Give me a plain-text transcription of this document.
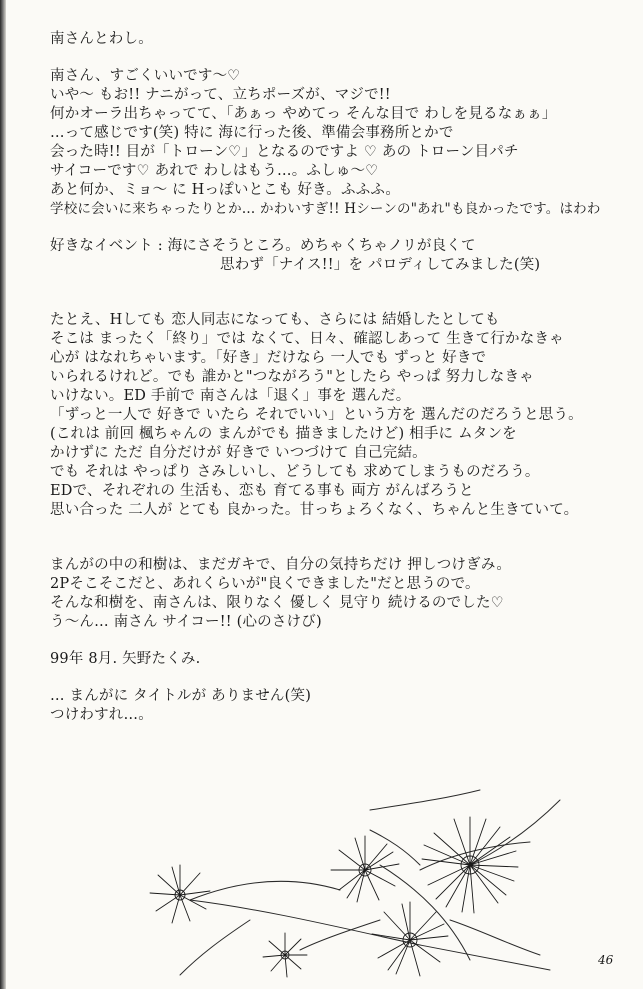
南さんとわし。
南さん、すごくいいです〜♡
いや〜 もお!! ナニがって、立ちポーズが、マジで!!
何かオーラ出ちゃってて、「あぁっ やめてっ そんな目で わしを見るなぁぁ」
…って感じです(笑) 特に 海に行った後、準備会事務所とかで
会った時!! 目が「トローン♡」となるのですよ ♡ あの トローン目パチ
サイコーです♡ あれで わしはもう…。ふしゅ〜♡
あと何か、ミョ〜 に Hっぽいとこも 好き。ふふふ。
学校に会いに来ちゃったりとか… かわいすぎ!! Hシーンの"あれ"も良かったです。はわわ
好きなイベント : 海にさそうところ。めちゃくちゃノリが良くて
思わず「ナイス!!」を パロディしてみました(笑)
たとえ、Hしても 恋人同志になっても、さらには 結婚したとしても
そこは まったく「終り」では なくて、日々、確認しあって 生きて行かなきゃ
心が はなれちゃいます。「好き」だけなら 一人でも ずっと 好きで
いられるけれど。でも 誰かと"つながろう"としたら やっぱ 努力しなきゃ
いけない。ED 手前で 南さんは「退く」事を 選んだ。
「ずっと一人で 好きで いたら それでいい」という方を 選んだのだろうと思う。
(これは 前回 楓ちゃんの まんがでも 描きましたけど) 相手に ムタンを
かけずに ただ 自分だけが 好きで いつづけて 自己完結。
でも それは やっぱり さみしいし、どうしても 求めてしまうものだろう。
EDで、それぞれの 生活も、恋も 育てる事も 両方 がんばろうと
思い合った 二人が とても 良かった。甘っちょろくなく、ちゃんと生きていて。
まんがの中の和樹は、まだガキで、自分の気持ちだけ 押しつけぎみ。
2Pそこそこだと、あれくらいが"良くできました"だと思うので。
そんな和樹を、南さんは、限りなく 優しく 見守り 続けるのでした♡
う〜ん… 南さん サイコー!! (心のさけび)
99年 8月. 矢野たくみ.
… まんがに タイトルが ありません(笑)
つけわすれ…。
46
